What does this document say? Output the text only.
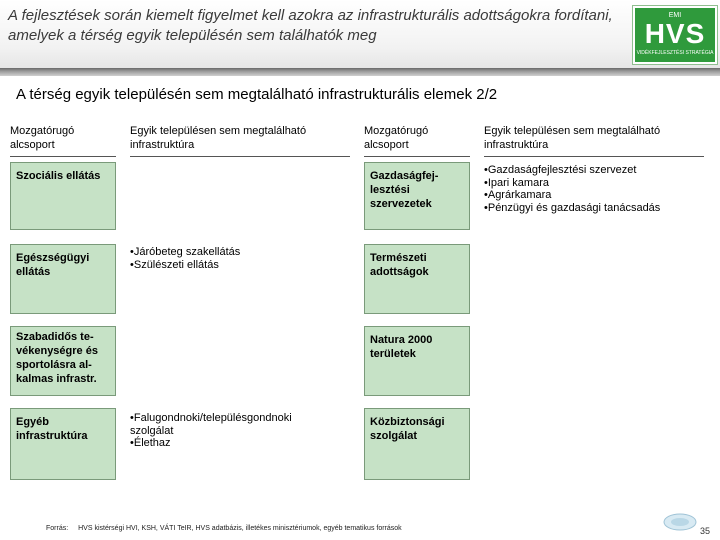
A fejlesztések során kiemelt figyelmet kell azokra az infrastrukturális adottságokra fordítani, amelyek a térség egyik településén sem találhatók meg
EMI
HVS
VIDÉKFEJLESZTÉSI STRATÉGIA
A térség egyik településén sem megtalálható infrastrukturális elemek 2/2
Mozgatórugó alcsoport
Egyik településen sem megtalálható infrastruktúra
Mozgatórugó alcsoport
Egyik településen sem megtalálható infrastruktúra
Szociális ellátás
Egészségügyi ellátás
•Járóbeteg szakellátás
•Szülészeti ellátás
Szabadidős te-vékenységre és sportolásra al-kalmas infrastr.
Egyéb infrastruktúra
•Falugondnoki/településgondnoki
szolgálat
•Élethaz
Gazdaságfej-lesztési szervezetek
•Gazdaságfejlesztési szervezet
•Ipari kamara
•Agrárkamara
•Pénzügyi és gazdasági tanácsadás
Természeti adottságok
Natura 2000 területek
Közbiztonsági szolgálat
Forrás: HVS kistérségi HVI, KSH, VÁTI TeIR, HVS adatbázis, illetékes minisztériumok, egyéb tematikus források	35
